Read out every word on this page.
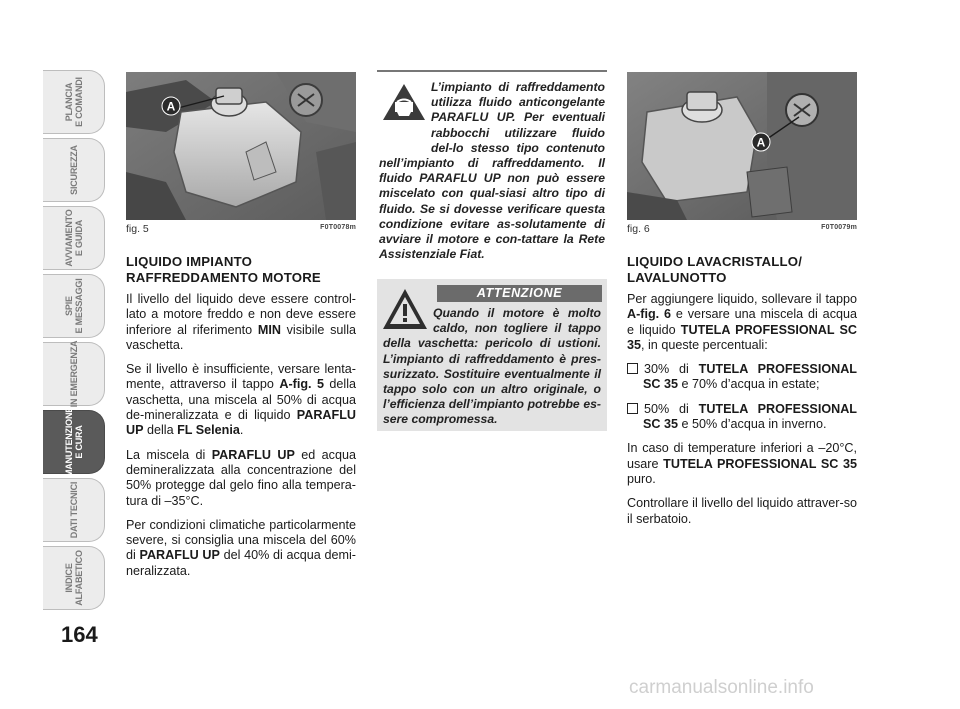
PLANCIA
E COMANDI
SICUREZZA
AVVIAMENTO
E GUIDA
SPIE
E MESSAGGI
IN EMERGENZA
MANUTENZIONE
E CURA
DATI TECNICI
INDICE
ALFABETICO
164
A
fig. 5	F0T0078m
A
fig. 6	F0T0079m
LIQUIDO IMPIANTO RAFFREDDAMENTO MOTORE

Il livello del liquido deve essere control-lato a motore freddo e non deve essere inferiore al riferimento MIN visibile sulla vaschetta.

Se il livello è insufficiente, versare lenta-mente, attraverso il tappo A-fig. 5 della vaschetta, una miscela al 50% di acqua de-mineralizzata e di liquido PARAFLU UP della FL Selenia.

La miscela di PARAFLU UP ed acqua demineralizzata alla concentrazione del 50% protegge dal gelo fino alla tempera-tura di –35°C.

Per condizioni climatiche particolarmente severe, si consiglia una miscela del 60% di PARAFLU UP del 40% di acqua demi-neralizzata.

L’impianto di raffreddamento utilizza fluido anticongelante PARAFLU UP. Per eventuali rabbocchi utilizzare fluido del-lo stesso tipo contenuto nell’impianto di raffreddamento. Il fluido PARAFLU UP non può essere miscelato con qual-siasi altro tipo di fluido. Se si dovesse verificare questa condizione evitare as-solutamente di avviare il motore e con-tattare la Rete Assistenziale Fiat.

ATTENZIONE

Quando il motore è molto caldo, non togliere il tappo della vaschetta: pericolo di ustioni. L’impianto di raffreddamento è pres-surizzato. Sostituire eventualmente il tappo solo con un altro originale, o l’efficienza dell’impianto potrebbe es-sere compromessa.

LIQUIDO LAVACRISTALLO/ LAVALUNOTTO

Per aggiungere liquido, sollevare il tappo A-fig. 6 e versare una miscela di acqua e liquido TUTELA PROFESSIONAL SC 35, in queste percentuali:

30% di TUTELA PROFESSIONAL SC 35 e 70% d’acqua in estate;

50% di TUTELA PROFESSIONAL SC 35 e 50% d’acqua in inverno.

In caso di temperature inferiori a –20°C, usare TUTELA PROFESSIONAL SC 35 puro.

Controllare il livello del liquido attraver-so il serbatoio.

carmanualsonline.info
